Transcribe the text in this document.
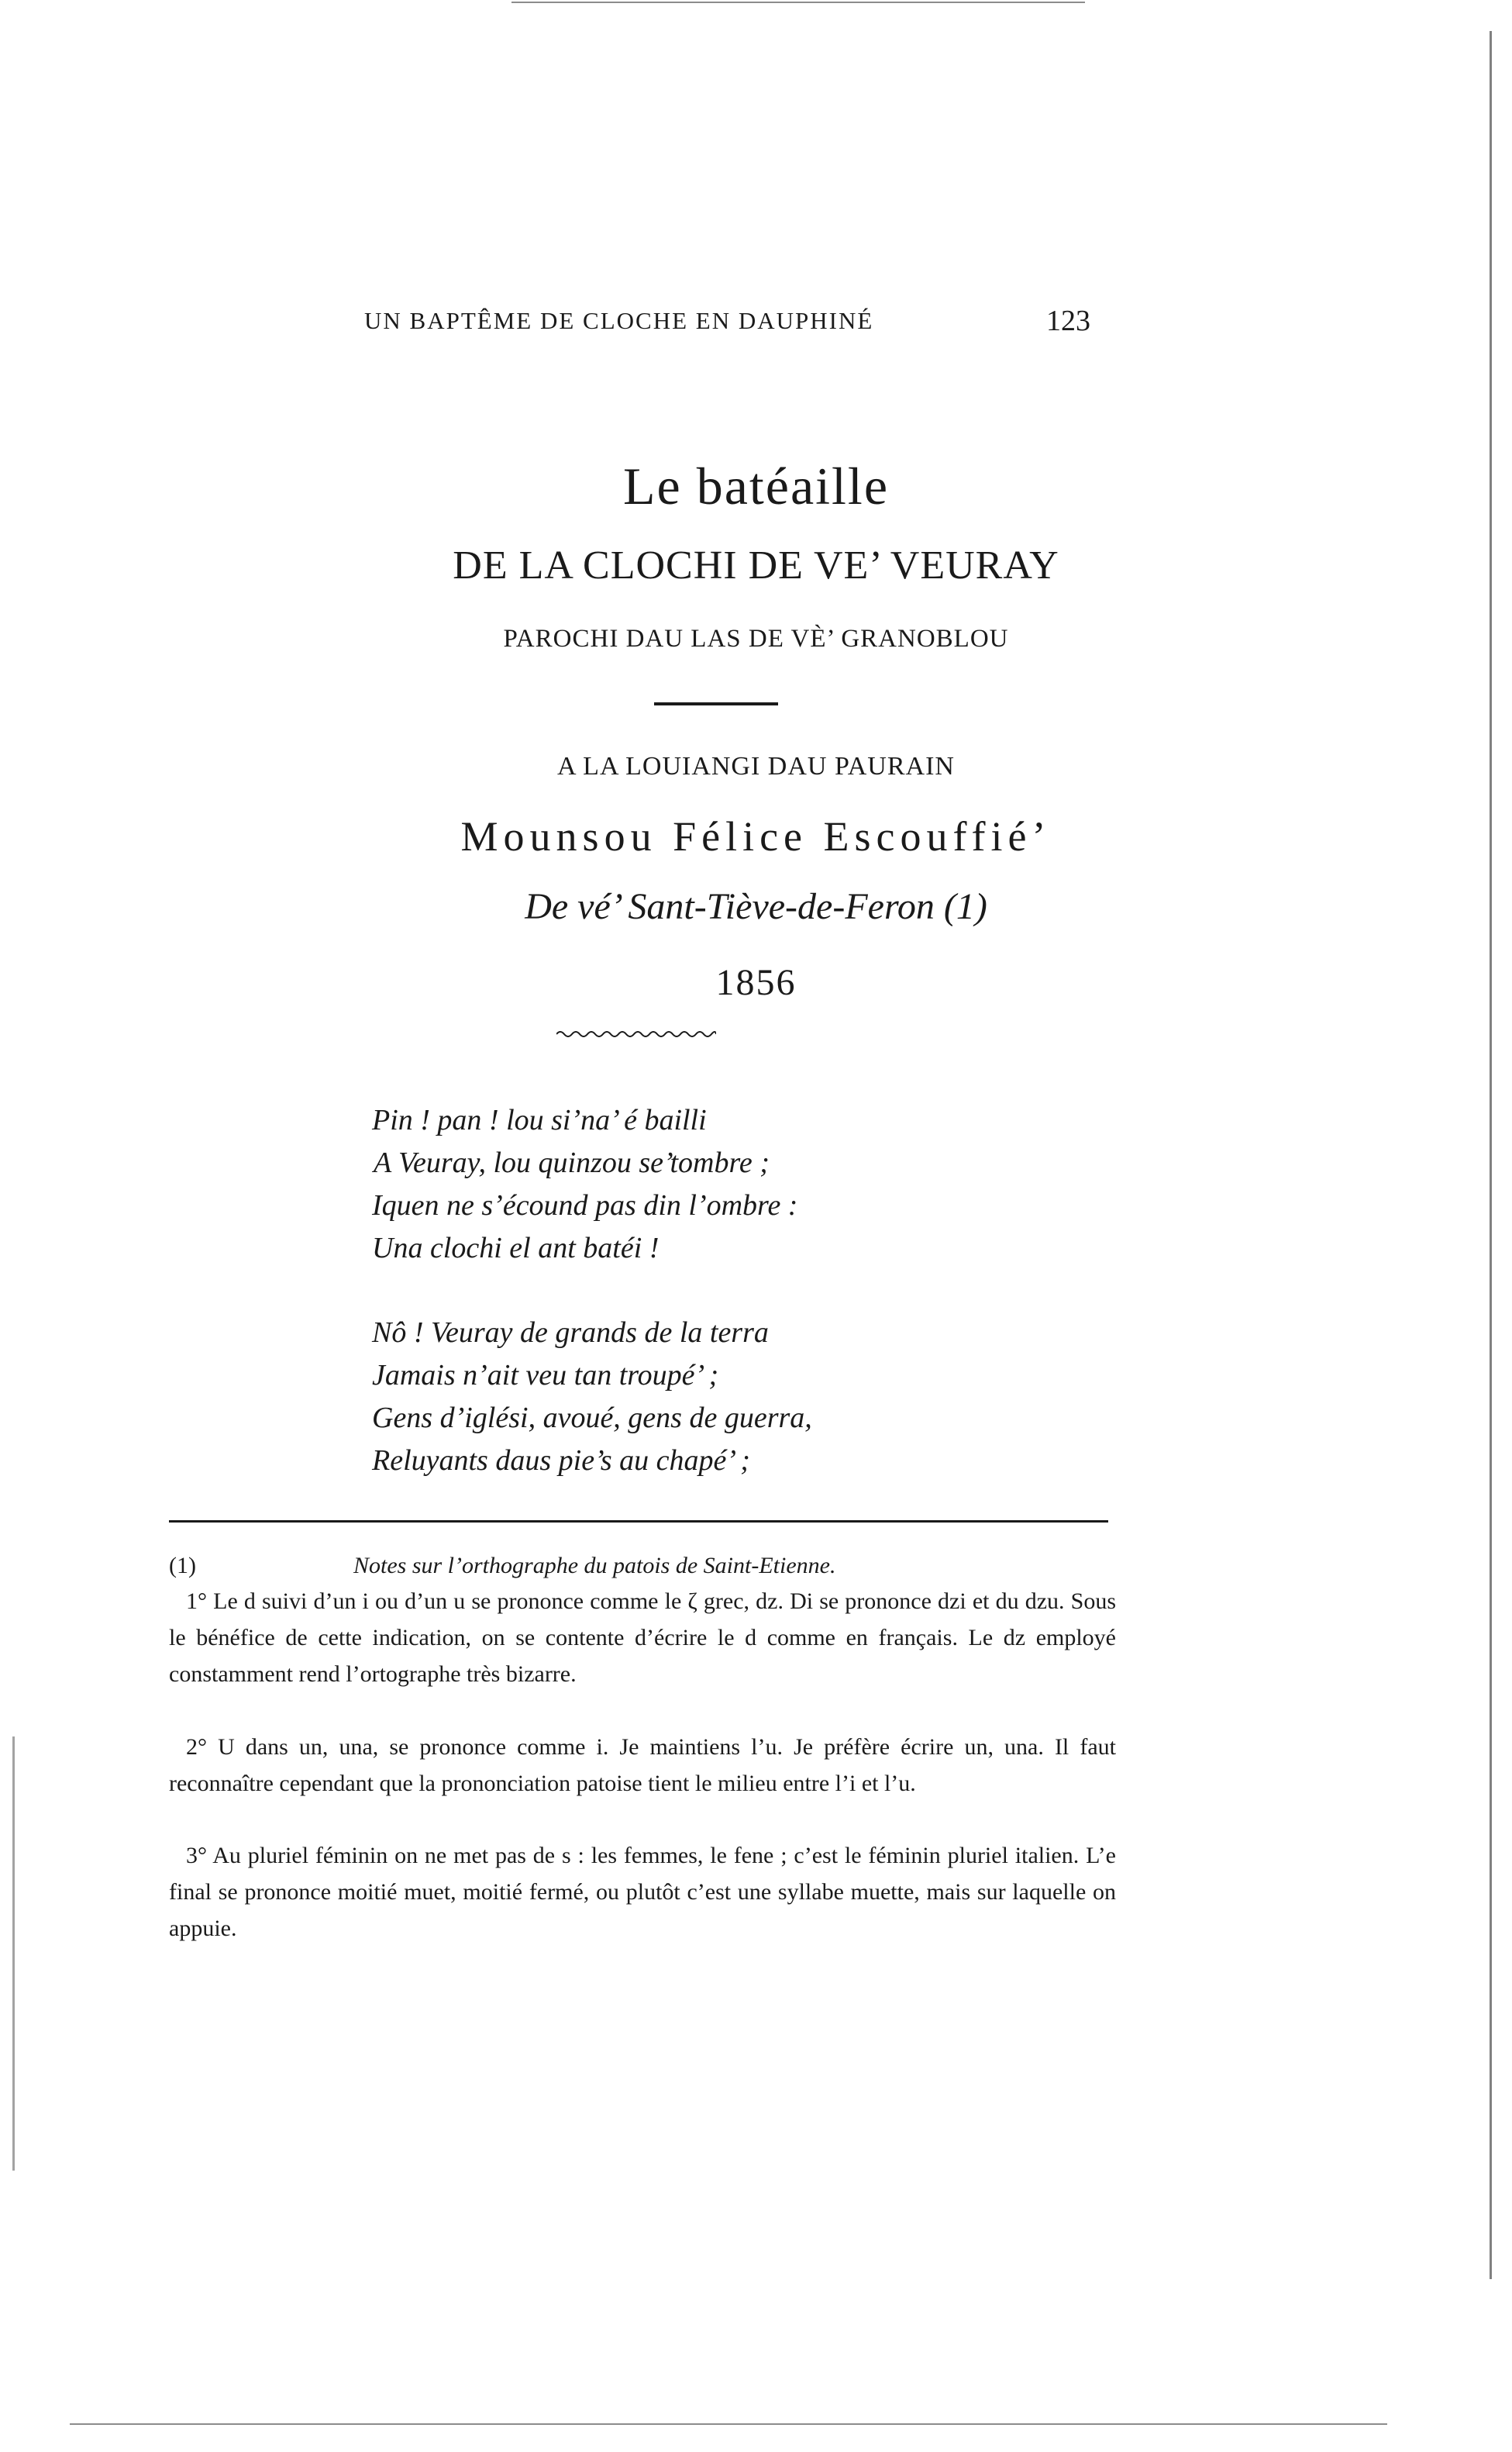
UN BAPTÊME DE CLOCHE EN DAUPHINÉ	123
Le batéaille
DE LA CLOCHI DE VE’ VEURAY
PAROCHI DAU LAS DE VÈ’ GRANOBLOU
A LA LOUIANGI DAU PAURAIN
Mounsou Félice Escouffié’
De vé’ Sant-Tiève-de-Feron (1)
1856
Pin ! pan ! lou si’na’ é bailli
A Veuray, lou quinzou se’tombre ;
Iquen ne s’écound pas din l’ombre :
Una clochi el ant batéi !
Nô ! Veuray de grands de la terra
Jamais n’ait veu tan troupé’ ;
Gens d’iglési, avoué, gens de guerra,
Reluyants daus pie’s au chapé’ ;
(1)	Notes sur l’orthographe du patois de Saint-Etienne.
1° Le d suivi d’un i ou d’un u se prononce comme le ζ grec, dz. Di se prononce dzi et du dzu. Sous le bénéfice de cette indication, on se contente d’écrire le d comme en français. Le dz employé constamment rend l’ortographe très bizarre.
2° U dans un, una, se prononce comme i. Je maintiens l’u. Je préfère écrire un, una. Il faut reconnaître cependant que la prononciation patoise tient le milieu entre l’i et l’u.
3° Au pluriel féminin on ne met pas de s : les femmes, le fene ; c’est le féminin pluriel italien. L’e final se prononce moitié muet, moitié fermé, ou plutôt c’est une syllabe muette, mais sur laquelle on appuie.
